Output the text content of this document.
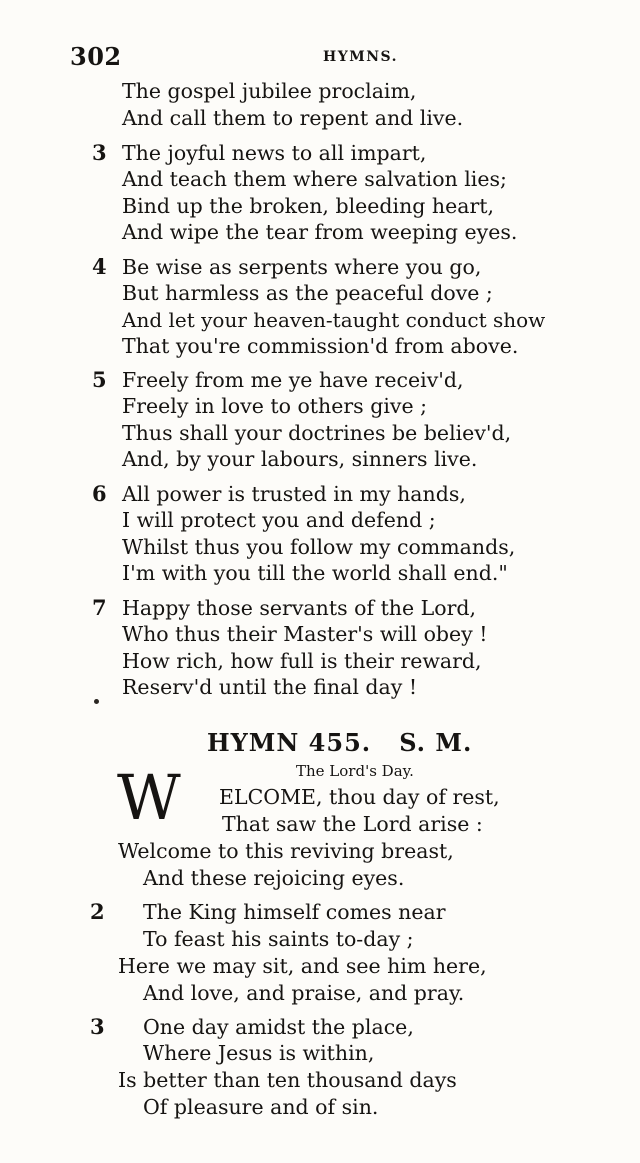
302	HYMNS.
The gospel jubilee proclaim,
And call them to repent and live.
3 The joyful news to all impart,
And teach them where salvation lies;
Bind up the broken, bleeding heart,
And wipe the tear from weeping eyes.
4 Be wise as serpents where you go,
But harmless as the peaceful dove ;
And let your heaven-taught conduct show
That you're commission'd from above.
5 Freely from me ye have receiv'd,
Freely in love to others give ;
Thus shall your doctrines be believ'd,
And, by your labours, sinners live.
6 All power is trusted in my hands,
I will protect you and defend ;
Whilst thus you follow my commands,
I'm with you till the world shall end."
7 Happy those servants of the Lord,
Who thus their Master's will obey !
How rich, how full is their reward,
Reserv'd until the final day !
HYMN 455.   S. M.
The Lord's Day.
W ELCOME, thou day of rest,
That saw the Lord arise :
Welcome to this reviving breast,
And these rejoicing eyes.
2 The King himself comes near
To feast his saints to-day ;
Here we may sit, and see him here,
And love, and praise, and pray.
3 One day amidst the place,
Where Jesus is within,
Is better than ten thousand days
Of pleasure and of sin.
